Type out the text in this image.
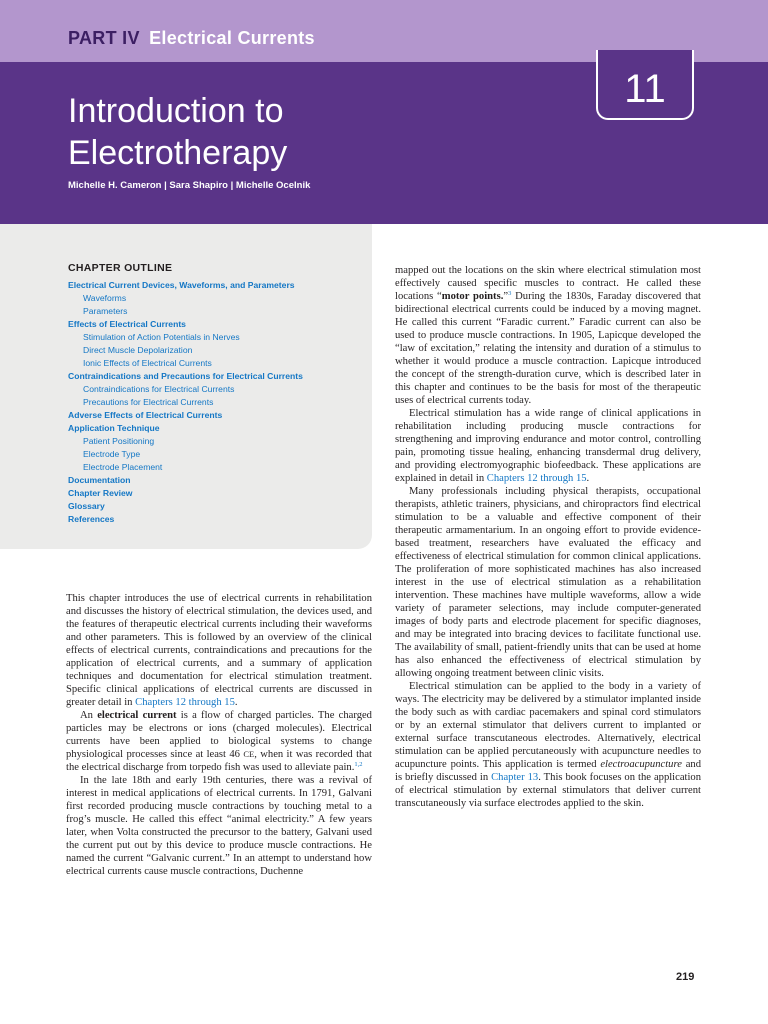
PART IV Electrical Currents
Introduction to
Electrotherapy
Michelle H. Cameron | Sara Shapiro | Michelle Ocelnik
11
CHAPTER OUTLINE
Electrical Current Devices, Waveforms, and Parameters
Waveforms
Parameters
Effects of Electrical Currents
Stimulation of Action Potentials in Nerves
Direct Muscle Depolarization
Ionic Effects of Electrical Currents
Contraindications and Precautions for Electrical Currents
Contraindications for Electrical Currents
Precautions for Electrical Currents
Adverse Effects of Electrical Currents
Application Technique
Patient Positioning
Electrode Type
Electrode Placement
Documentation
Chapter Review
Glossary
References

This chapter introduces the use of electrical currents in rehabilitation and discusses the history of electrical stimulation, the devices used, and the features of therapeutic electrical currents including their waveforms and other parameters. This is followed by an overview of the clinical effects of electrical currents, contraindications and precautions for the application of electrical currents, and a summary of application techniques and documentation for electrical stimulation treatment. Specific clinical applications of electrical currents are discussed in greater detail in Chapters 12 through 15.

An electrical current is a flow of charged particles. The charged particles may be electrons or ions (charged molecules). Electrical currents have been applied to biological systems to change physiological processes since at least 46 CE, when it was recorded that the electrical discharge from torpedo fish was used to alleviate pain.$^{1,2}$

In the late 18th and early 19th centuries, there was a revival of interest in medical applications of electrical currents. In 1791, Galvani first recorded producing muscle contractions by touching metal to a frog’s muscle. He called this effect “animal electricity.” A few years later, when Volta constructed the precursor to the battery, Galvani used the current put out by this device to produce muscle contractions. He named the current “Galvanic current.” In an attempt to understand how electrical currents cause muscle contractions, Duchenne

mapped out the locations on the skin where electrical stimulation most effectively caused specific muscles to contract. He called these locations “motor points.”$^3$ During the 1830s, Faraday discovered that bidirectional electrical currents could be induced by a moving magnet. He called this current “Faradic current.” Faradic current can also be used to produce muscle contractions. In 1905, Lapicque developed the “law of excitation,” relating the intensity and duration of a stimulus to whether it would produce a muscle contraction. Lapicque introduced the concept of the strength-duration curve, which is described later in this chapter and continues to be the basis for most of the therapeutic uses of electrical currents today.

Electrical stimulation has a wide range of clinical applications in rehabilitation including producing muscle contractions for strengthening and improving endurance and motor control, controlling pain, promoting tissue healing, enhancing transdermal drug delivery, and providing electromyographic biofeedback. These applications are explained in detail in Chapters 12 through 15.

Many professionals including physical therapists, occupational therapists, athletic trainers, physicians, and chiropractors find electrical stimulation to be a valuable and effective component of their therapeutic armamentarium. In an ongoing effort to provide evidence-based treatment, researchers have evaluated the efficacy and effectiveness of electrical stimulation for common clinical applications. The proliferation of more sophisticated machines has also increased interest in the use of electrical stimulation as a rehabilitation intervention. These machines have multiple waveforms, allow a wide variety of parameter selections, may include computer-generated images of body parts and electrode placement for specific diagnoses, and may be integrated into bracing devices to facilitate functional use. The availability of small, patient-friendly units that can be used at home has also enhanced the effectiveness of electrical stimulation by allowing ongoing treatment between clinic visits.

Electrical stimulation can be applied to the body in a variety of ways. The electricity may be delivered by a stimulator implanted inside the body such as with cardiac pacemakers and spinal cord stimulators or by an external stimulator that delivers current to implanted or external surface transcutaneous electrodes. Alternatively, electrical stimulation can be applied percutaneously with acupuncture needles to acupuncture points. This application is termed electroacupuncture and is briefly discussed in Chapter 13. This book focuses on the application of electrical stimulation by external stimulators that deliver current transcutaneously via surface electrodes applied to the skin.

219
